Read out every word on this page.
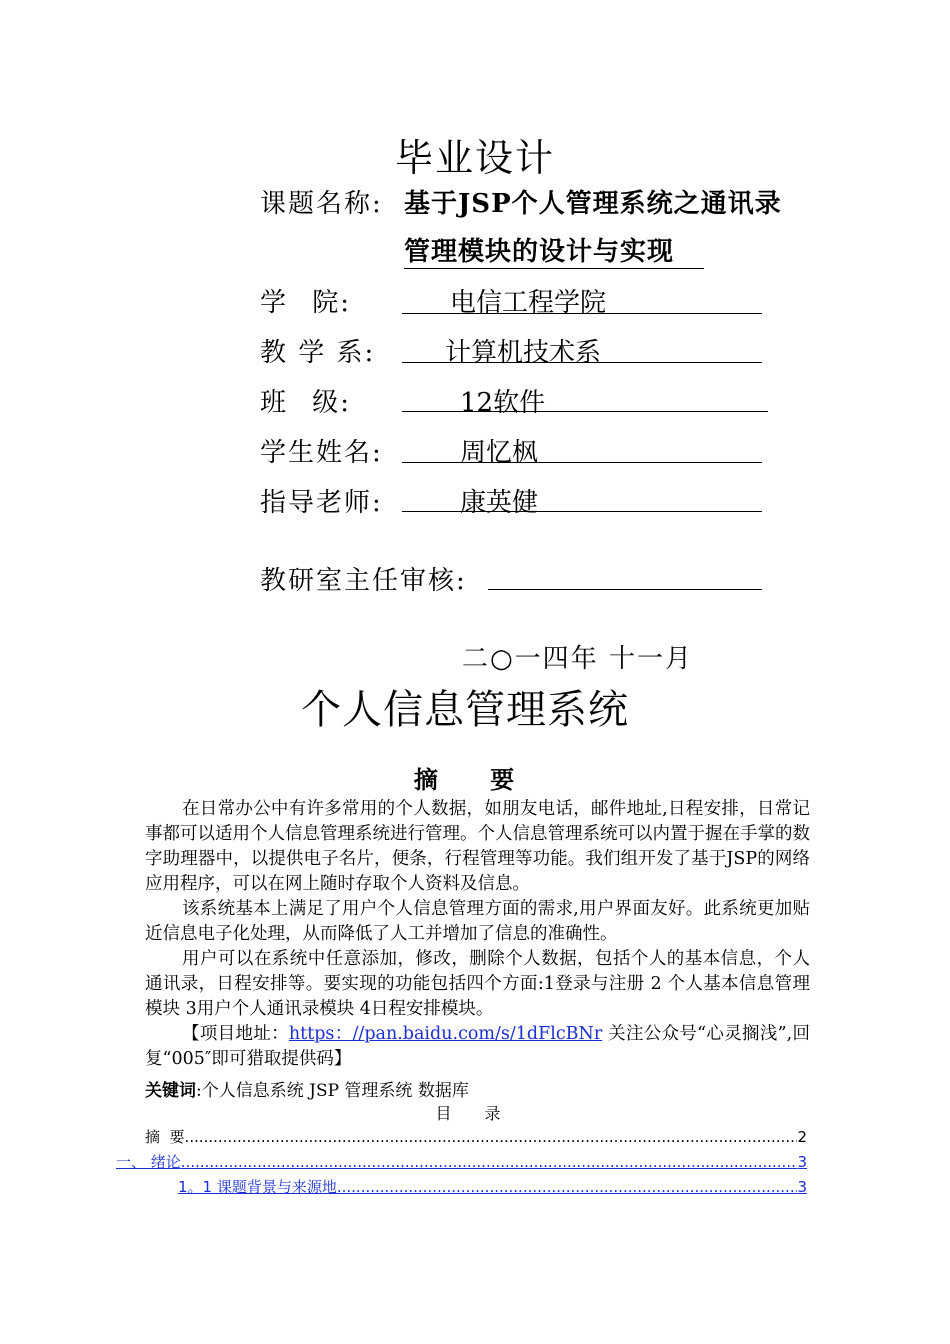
毕业设计
课题名称: 基于JSP个人管理系统之通讯录
管理模块的设计与实现
学 院:	电信工程学院
教 学 系:	计算机技术系
班 级:	12软件
学生姓名:	周忆枫
指导老师:	康英健
教研室主任审核:
二○一四年 十一月
个人信息管理系统
摘 要

在日常办公中有许多常用的个人数据，如朋友电话，邮件地址,日程安排，日常记事都可以适用个人信息管理系统进行管理。个人信息管理系统可以内置于握在手掌的数字助理器中，以提供电子名片，便条，行程管理等功能。我们组开发了基于JSP的网络应用程序，可以在网上随时存取个人资料及信息。

该系统基本上满足了用户个人信息管理方面的需求,用户界面友好。此系统更加贴近信息电子化处理，从而降低了人工并增加了信息的准确性。

用户可以在系统中任意添加，修改，删除个人数据，包括个人的基本信息，个人通讯录，日程安排等。要实现的功能包括四个方面:1登录与注册 2 个人基本信息管理模块 3用户个人通讯录模块 4日程安排模块。

【项目地址：https：//pan.baidu.com/s/1dFlcBNr 关注公众号“心灵搁浅”,回复“005″即可猎取提供码】

关键词:个人信息系统 JSP 管理系统 数据库
目 录
摘  要 .....	2
一、 绪论 .....	3
1。1 课题背景与来源地 .....	3
